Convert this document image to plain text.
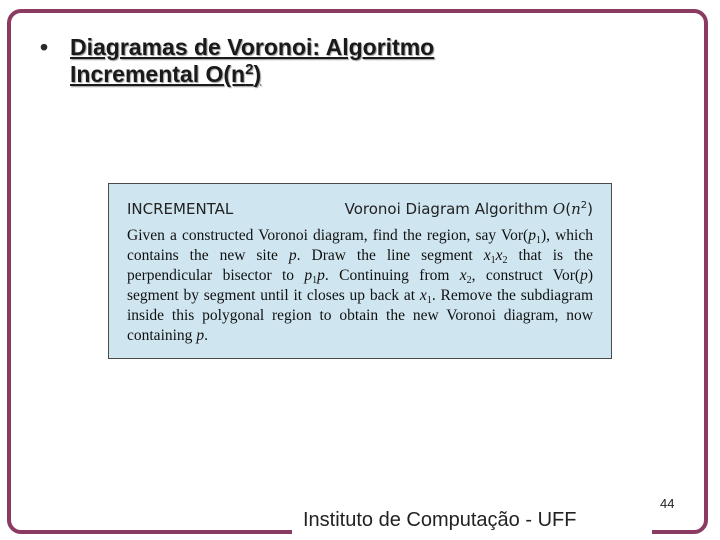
• Diagramas de Voronoi: Algoritmo
Incremental $O(n^2)$
INCREMENTAL	Voronoi Diagram Algorithm $O(n^2)$
Given a constructed Voronoi diagram, find the region, say $Vor(p_1)$, which contains the new site p. Draw the line segment $x_1x_2$ that is the perpendicular bisector to $p_1p$. Continuing from $x_2$, construct Vor(p) segment by segment until it closes up back at $x_1$. Remove the subdiagram inside this polygonal region to obtain the new Voronoi diagram, now containing p.
Instituto de Computação - UFF
44
